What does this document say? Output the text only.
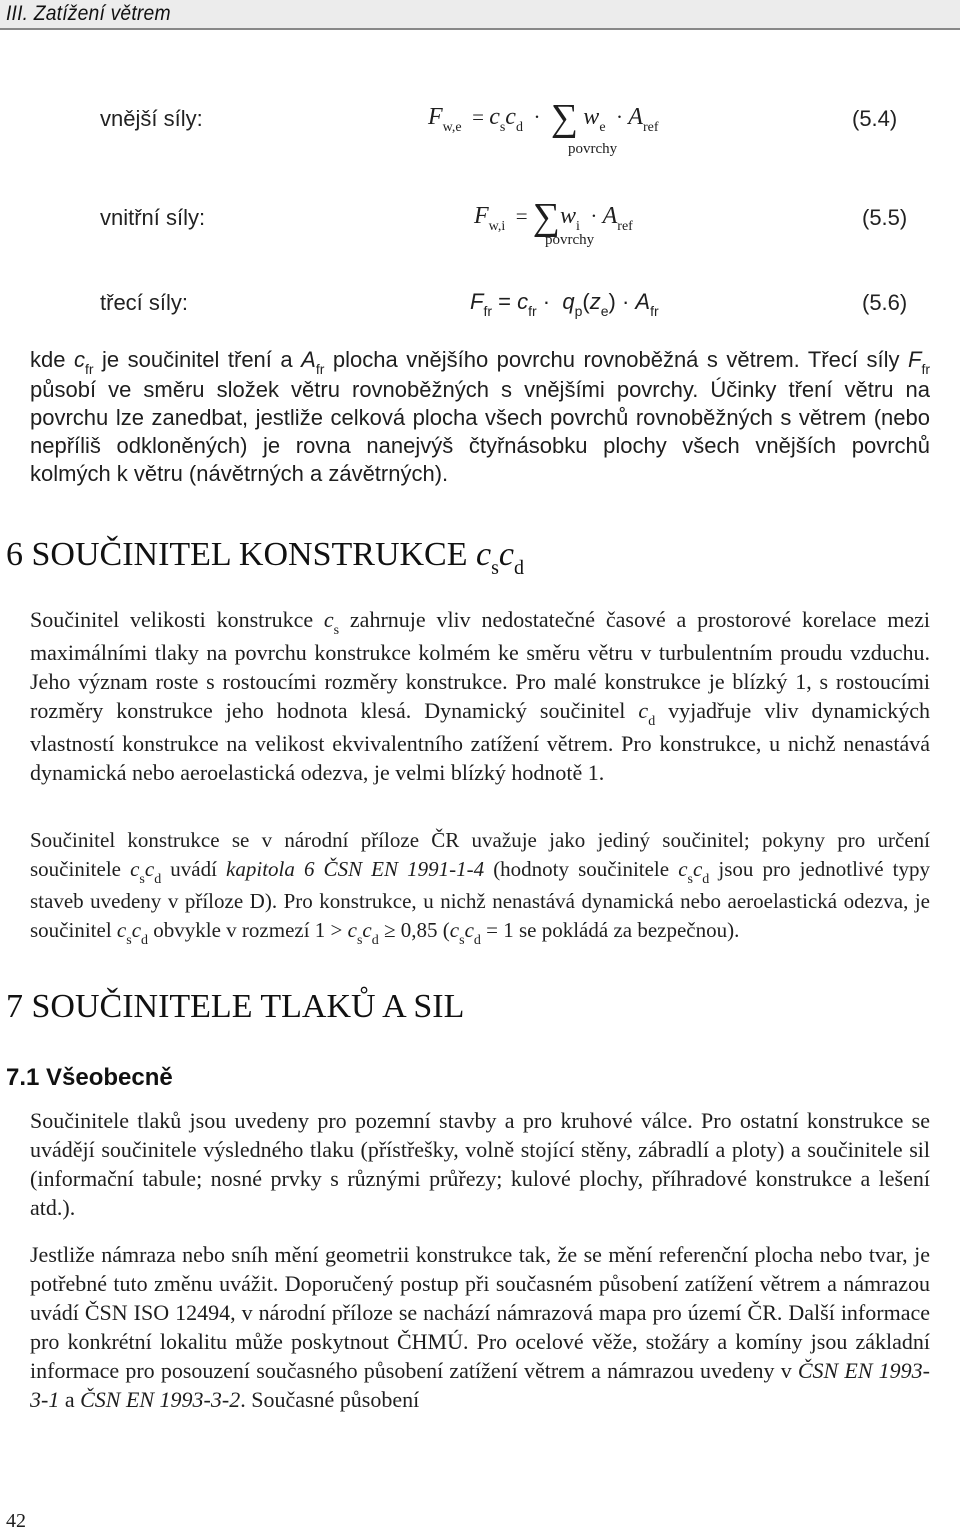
III. Zatížení větrem
vnější síly:	$F_{w,e} = c_sc_d$  ·  ∑ $w_e \cdot A_{ref}$
povrchy
(5.4)
vnitřní síly:	$F_{w,i} = \sum w_i \cdot A_{ref}$
povrchy
(5.5)
třecí síly:	$F_{fr} = c_{fr} \cdot q_p(z_e) \cdot A_{fr}$	(5.6)
kde $c_{fr}$ je součinitel tření a $A_{fr}$ plocha vnějšího povrchu rovnoběžná s větrem. Třecí síly $F_{fr}$ působí ve směru složek větru rovnoběžných s vnějšími povrchy. Účinky tření větru na povrchu lze zanedbat, jestliže celková plocha všech povrchů rovnoběžných s větrem (nebo nepříliš odkloněných) je rovna nanejvýš čtyřnásobku plochy všech vnějších povrchů kolmých k větru (návětrných a závětrných).
6 SOUČINITEL KONSTRUKCE $c_sc_d$
Součinitel velikosti konstrukce $c_s$ zahrnuje vliv nedostatečné časové a prostorové korelace mezi maximálními tlaky na povrchu konstrukce kolmém ke směru větru v turbulentním proudu vzduchu. Jeho význam roste s rostoucími rozměry konstrukce. Pro malé konstrukce je blízký 1, s rostoucími rozměry konstrukce jeho hodnota klesá. Dynamický součinitel $c_d$ vyjadřuje vliv dynamických vlastností konstrukce na velikost ekvivalentního zatížení větrem. Pro konstrukce, u nichž nenastává dynamická nebo aeroelastická odezva, je velmi blízký hodnotě 1.
Součinitel konstrukce se v národní příloze ČR uvažuje jako jediný součinitel; pokyny pro určení součinitele $c_sc_d$ uvádí kapitola 6 ČSN EN 1991-1-4 (hodnoty součinitele $c_sc_d$ jsou pro jednotlivé typy staveb uvedeny v příloze D). Pro konstrukce, u nichž nenastává dynamická nebo aeroelastická odezva, je součinitel $c_sc_d$ obvykle v rozmezí $1 > c_sc_d \ge 0,85$ ($c_sc_d = 1$ se pokládá za bezpečnou).
7 SOUČINITELE TLAKŮ A SIL
7.1 Všeobecně
Součinitele tlaků jsou uvedeny pro pozemní stavby a pro kruhové válce. Pro ostatní konstrukce se uvádějí součinitele výsledného tlaku (přístřešky, volně stojící stěny, zábradlí a ploty) a součinitele sil (informační tabule; nosné prvky s různými průřezy; kulové plochy, příhradové konstrukce a lešení atd.).
Jestliže námraza nebo sníh mění geometrii konstrukce tak, že se mění referenční plocha nebo tvar, je potřebné tuto změnu uvážit. Doporučený postup při současném působení zatížení větrem a námrazou uvádí ČSN ISO 12494, v národní příloze se nachází námrazová mapa pro území ČR. Další informace pro konkrétní lokalitu může poskytnout ČHMÚ. Pro ocelové věže, stožáry a komíny jsou základní informace pro posouzení současného působení zatížení větrem a námrazou uvedeny v ČSN EN 1993-3-1 a ČSN EN 1993-3-2. Současné působení
42
